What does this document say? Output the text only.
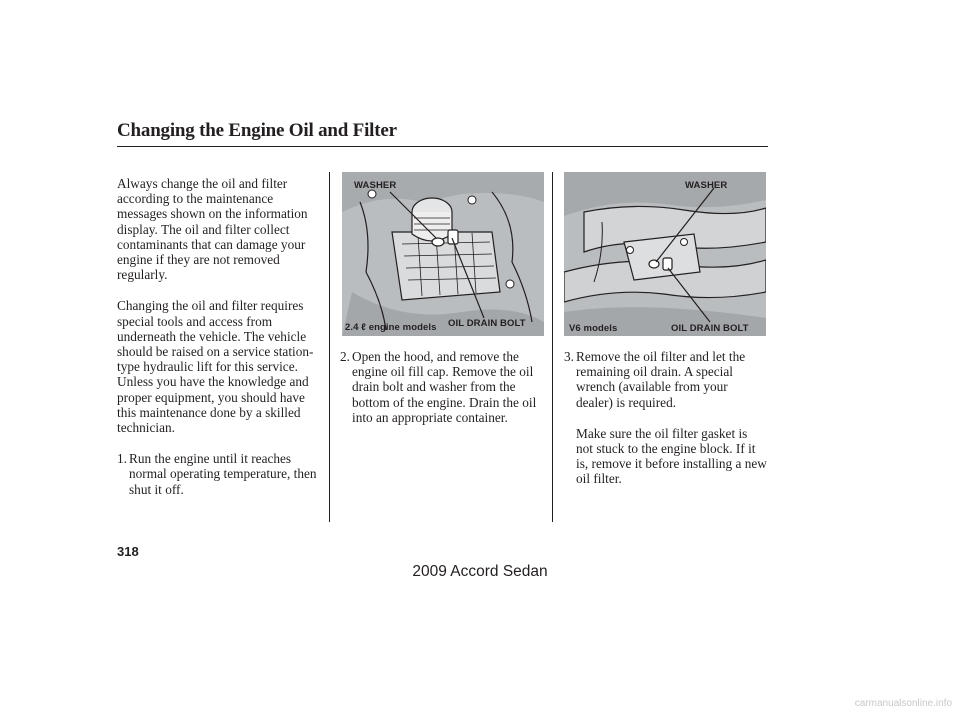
Changing the Engine Oil and Filter

Always change the oil and filter according to the maintenance messages shown on the information display. The oil and filter collect contaminants that can damage your engine if they are not removed regularly.

Changing the oil and filter requires special tools and access from underneath the vehicle. The vehicle should be raised on a service station-type hydraulic lift for this service. Unless you have the knowledge and proper equipment, you should have this maintenance done by a skilled technician.

1. Run the engine until it reaches normal operating temperature, then shut it off.
WASHER
2.4 ℓ engine models OIL DRAIN BOLT
WASHER
V6 models	OIL DRAIN BOLT
2. Open the hood, and remove the engine oil fill cap. Remove the oil drain bolt and washer from the bottom of the engine. Drain the oil into an appropriate container.
3. Remove the oil filter and let the remaining oil drain. A special wrench (available from your dealer) is required.
Make sure the oil filter gasket is not stuck to the engine block. If it is, remove it before installing a new oil filter.
318
2009 Accord Sedan
carmanualsonline.info
